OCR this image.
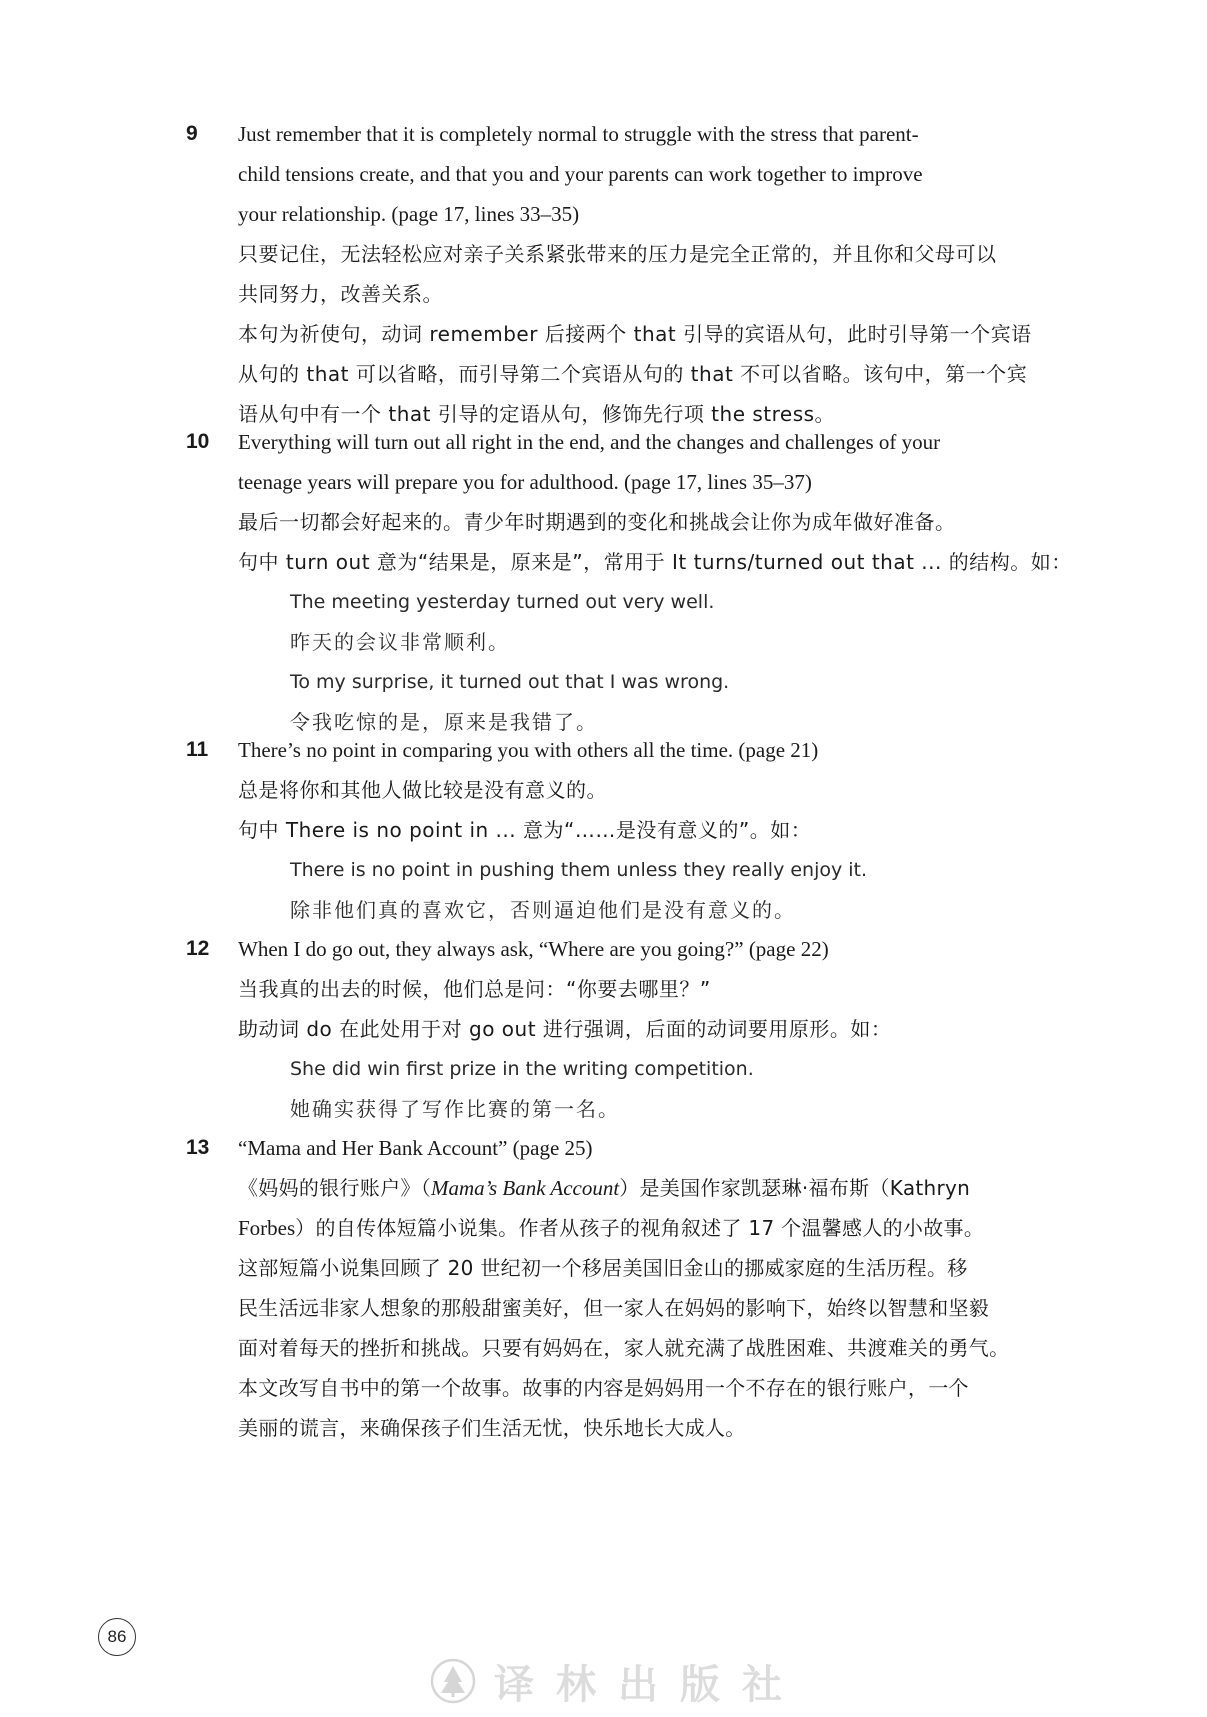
9 Just remember that it is completely normal to struggle with the stress that parent-
child tensions create, and that you and your parents can work together to improve
your relationship. (page 17, lines 33–35)
只要记住，无法轻松应对亲子关系紧张带来的压力是完全正常的，并且你和父母可以
共同努力，改善关系。
本句为祈使句，动词 remember 后接两个 that 引导的宾语从句，此时引导第一个宾语
从句的 that 可以省略，而引导第二个宾语从句的 that 不可以省略。该句中，第一个宾
语从句中有一个 that 引导的定语从句，修饰先行项 the stress。
10 Everything will turn out all right in the end, and the changes and challenges of your
teenage years will prepare you for adulthood. (page 17, lines 35–37)
最后一切都会好起来的。青少年时期遇到的变化和挑战会让你为成年做好准备。
句中 turn out 意为“结果是，原来是”，常用于 It turns/turned out that ... 的结构。如：
The meeting yesterday turned out very well.
昨天的会议非常顺利。
To my surprise, it turned out that I was wrong.
令我吃惊的是，原来是我错了。
11 There’s no point in comparing you with others all the time. (page 21)
总是将你和其他人做比较是没有意义的。
句中 There is no point in ... 意为“……是没有意义的”。如：
There is no point in pushing them unless they really enjoy it.
除非他们真的喜欢它，否则逼迫他们是没有意义的。
12 When I do go out, they always ask, “Where are you going?” (page 22)
当我真的出去的时候，他们总是问：“你要去哪里？”
助动词 do 在此处用于对 go out 进行强调，后面的动词要用原形。如：
She did win first prize in the writing competition.
她确实获得了写作比赛的第一名。
13 “Mama and Her Bank Account” (page 25)
《妈妈的银行账户》（Mama’s Bank Account）是美国作家凯瑟琳·福布斯（Kathryn
Forbes）的自传体短篇小说集。作者从孩子的视角叙述了 17 个温馨感人的小故事。
这部短篇小说集回顾了 20 世纪初一个移居美国旧金山的挪威家庭的生活历程。移
民生活远非家人想象的那般甜蜜美好，但一家人在妈妈的影响下，始终以智慧和坚毅
面对着每天的挫折和挑战。只要有妈妈在，家人就充满了战胜困难、共渡难关的勇气。
本文改写自书中的第一个故事。故事的内容是妈妈用一个不存在的银行账户，一个
美丽的谎言，来确保孩子们生活无忧，快乐地长大成人。
86
译林出版社
